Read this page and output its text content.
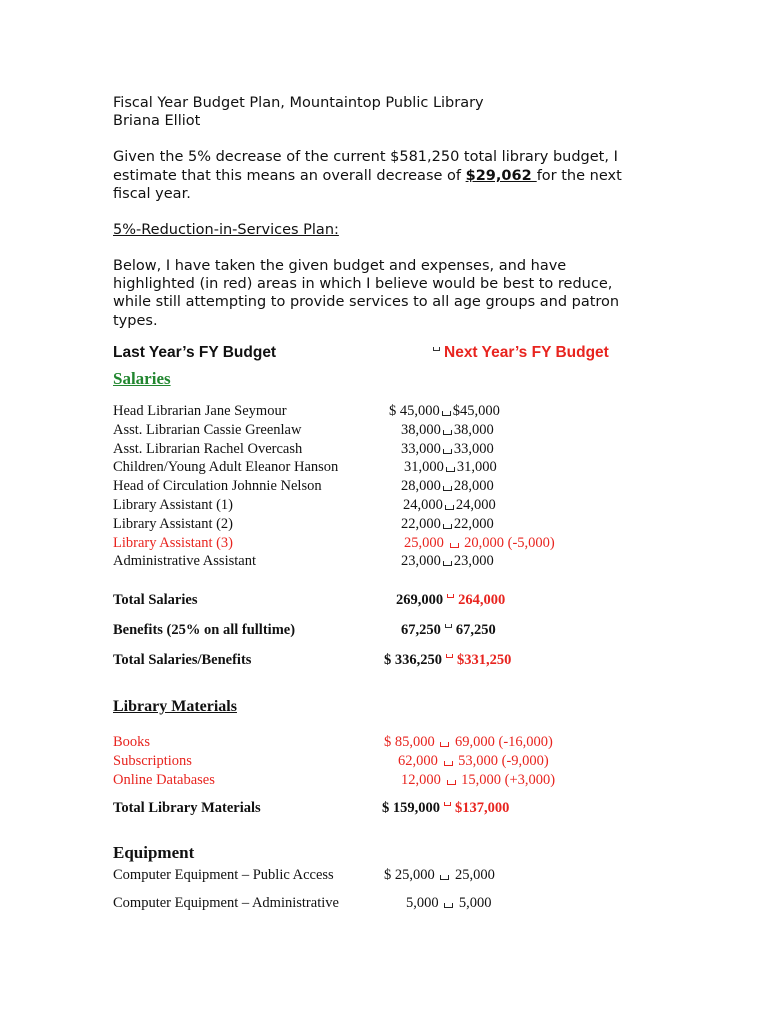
Fiscal Year Budget Plan, Mountaintop Public Library
Briana Elliot
Given the 5% decrease of the current $581,250 total library budget, I
estimate that this means an overall decrease of $29,062 for the next
fiscal year.
5%-Reduction-in-Services Plan:
Below, I have taken the given budget and expenses, and have
highlighted (in red) areas in which I believe would be best to reduce,
while still attempting to provide services to all age groups and patron
types.
Last Year’s FY Budget	Next Year’s FY Budget
Salaries
Head Librarian Jane Seymour	$ 45,000 $45,000
Asst. Librarian Cassie Greenlaw	38,000 38,000
Asst. Librarian Rachel Overcash	33,000 33,000
Children/Young Adult Eleanor Hanson	31,000 31,000
Head of Circulation Johnnie Nelson	28,000 28,000
Library Assistant (1)	24,000 24,000
Library Assistant (2)	22,000 22,000
Library Assistant (3)	25,000 20,000 (-5,000)
Administrative Assistant	23,000 23,000
Total Salaries	269,000 264,000
Benefits (25% on all fulltime)	67,250 67,250
Total Salaries/Benefits	$ 336,250 $331,250
Library Materials
Books	$ 85,000 69,000 (-16,000)
Subscriptions	62,000 53,000 (-9,000)
Online Databases	12,000 15,000 (+3,000)
Total Library Materials	$ 159,000 $137,000
Equipment
Computer Equipment – Public Access	$ 25,000 25,000
Computer Equipment – Administrative	5,000 5,000
